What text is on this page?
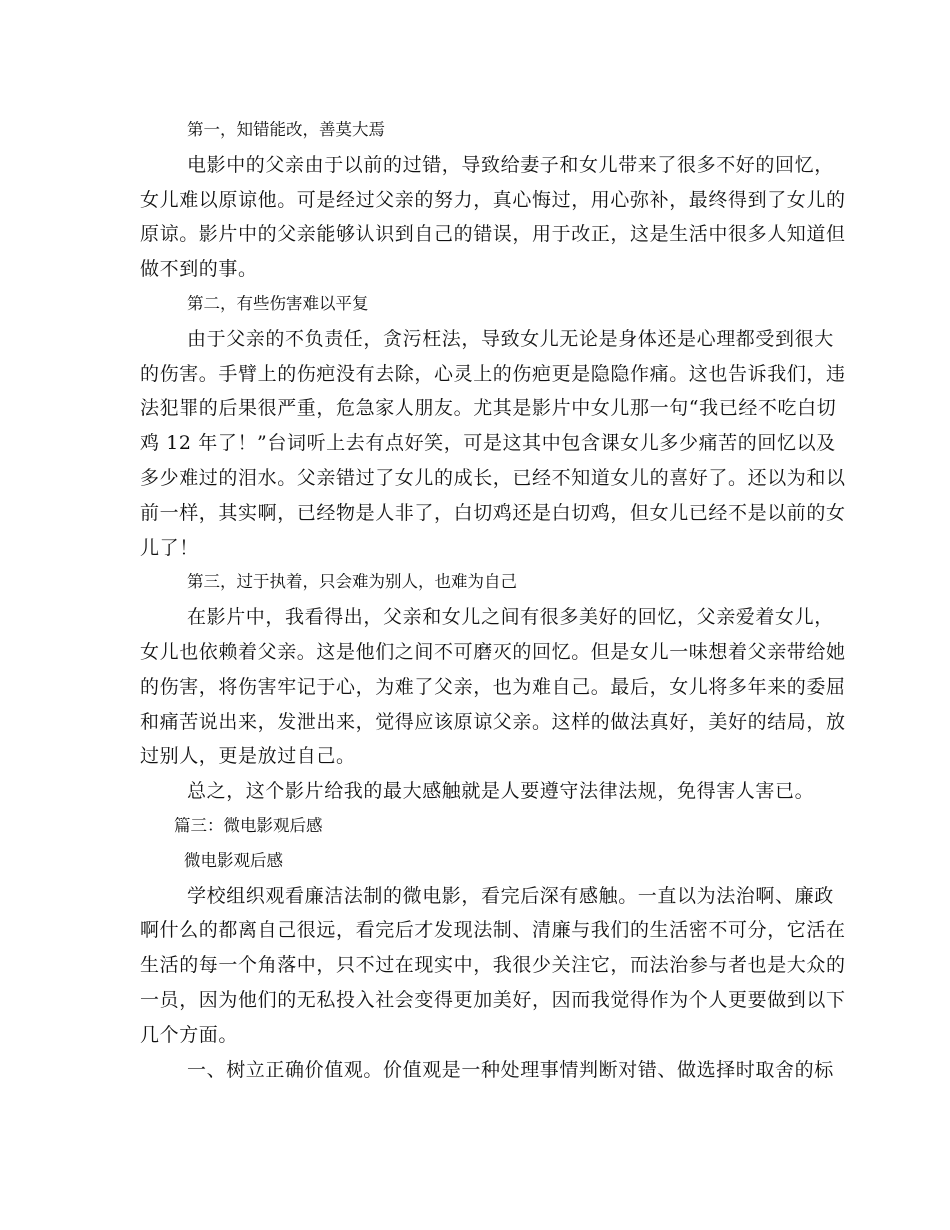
第一，知错能改，善莫大焉

电影中的父亲由于以前的过错，导致给妻子和女儿带来了很多不好的回忆，

女儿难以原谅他。可是经过父亲的努力，真心悔过，用心弥补，最终得到了女儿的

原谅。影片中的父亲能够认识到自己的错误，用于改正，这是生活中很多人知道但

做不到的事。

第二，有些伤害难以平复

由于父亲的不负责任，贪污枉法，导致女儿无论是身体还是心理都受到很大

的伤害。手臂上的伤疤没有去除，心灵上的伤疤更是隐隐作痛。这也告诉我们，违

法犯罪的后果很严重，危急家人朋友。尤其是影片中女儿那一句“我已经不吃白切

鸡 12 年了！”台词听上去有点好笑，可是这其中包含课女儿多少痛苦的回忆以及

多少难过的泪水。父亲错过了女儿的成长，已经不知道女儿的喜好了。还以为和以

前一样，其实啊，已经物是人非了，白切鸡还是白切鸡，但女儿已经不是以前的女

儿了！

第三，过于执着，只会难为别人，也难为自己

在影片中，我看得出，父亲和女儿之间有很多美好的回忆，父亲爱着女儿，

女儿也依赖着父亲。这是他们之间不可磨灭的回忆。但是女儿一味想着父亲带给她

的伤害，将伤害牢记于心，为难了父亲，也为难自己。最后，女儿将多年来的委屈

和痛苦说出来，发泄出来，觉得应该原谅父亲。这样的做法真好，美好的结局，放

过别人，更是放过自己。

总之，这个影片给我的最大感触就是人要遵守法律法规，免得害人害已。

篇三：微电影观后感

微电影观后感

学校组织观看廉洁法制的微电影，看完后深有感触。一直以为法治啊、廉政

啊什么的都离自己很远，看完后才发现法制、清廉与我们的生活密不可分，它活在

生活的每一个角落中，只不过在现实中，我很少关注它，而法治参与者也是大众的

一员，因为他们的无私投入社会变得更加美好，因而我觉得作为个人更要做到以下

几个方面。

一、树立正确价值观。价值观是一种处理事情判断对错、做选择时取舍的标
